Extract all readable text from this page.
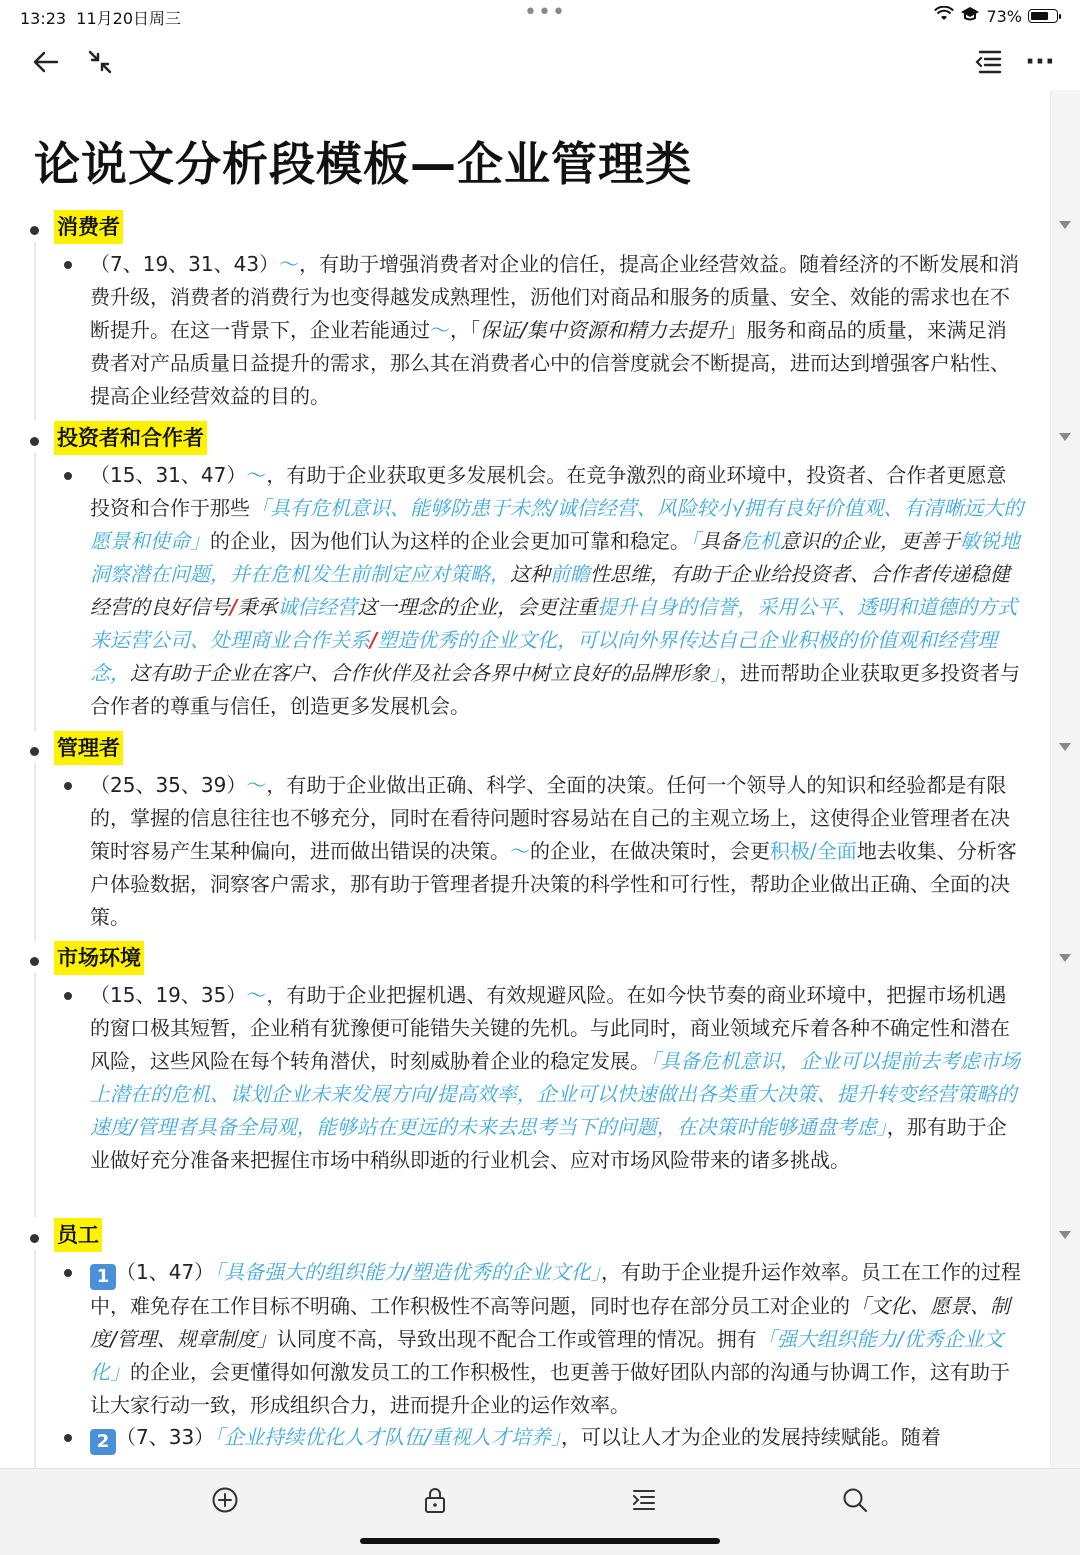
13:23 11月20日周三	•••	73%
···
论说文分析段模板—企业管理类
消费者
（7、19、31、43）～，有助于增强消费者对企业的信任，提高企业经营效益。随着经济的不断发展和消费升级，消费者的消费行为也变得越发成熟理性，沥他们对商品和服务的质量、安全、效能的需求也在不断提升。在这一背景下，企业若能通过～，「保证/集中资源和精力去提升」服务和商品的质量，来满足消费者对产品质量日益提升的需求，那么其在消费者心中的信誉度就会不断提高，进而达到增强客户粘性、提高企业经营效益的目的。
投资者和合作者
（15、31、47）～，有助于企业获取更多发展机会。在竞争激烈的商业环境中，投资者、合作者更愿意投资和合作于那些「具有危机意识、能够防患于未然/诚信经营、风险较小/拥有良好价值观、有清晰远大的愿景和使命」的企业，因为他们认为这样的企业会更加可靠和稳定。「具备危机意识的企业，更善于敏锐地洞察潜在问题，并在危机发生前制定应对策略，这种前瞻性思维，有助于企业给投资者、合作者传递稳健经营的良好信号/秉承诚信经营这一理念的企业，会更注重提升自身的信誉，采用公平、透明和道德的方式来运营公司、处理商业合作关系/塑造优秀的企业文化，可以向外界传达自己企业积极的价值观和经营理念，这有助于企业在客户、合作伙伴及社会各界中树立良好的品牌形象」，进而帮助企业获取更多投资者与合作者的尊重与信任，创造更多发展机会。
管理者
（25、35、39）～，有助于企业做出正确、科学、全面的决策。任何一个领导人的知识和经验都是有限的，掌握的信息往往也不够充分，同时在看待问题时容易站在自己的主观立场上，这使得企业管理者在决策时容易产生某种偏向，进而做出错误的决策。～的企业，在做决策时，会更积极/全面地去收集、分析客户体验数据，洞察客户需求，那有助于管理者提升决策的科学性和可行性，帮助企业做出正确、全面的决策。
市场环境
（15、19、35）～，有助于企业把握机遇、有效规避风险。在如今快节奏的商业环境中，把握市场机遇的窗口极其短暂，企业稍有犹豫便可能错失关键的先机。与此同时，商业领域充斥着各种不确定性和潜在风险，这些风险在每个转角潜伏，时刻威胁着企业的稳定发展。「具备危机意识，企业可以提前去考虑市场上潜在的危机、谋划企业未来发展方向/提高效率，企业可以快速做出各类重大决策、提升转变经营策略的速度/管理者具备全局观，能够站在更远的未来去思考当下的问题，在决策时能够通盘考虑」，那有助于企业做好充分准备来把握住市场中稍纵即逝的行业机会、应对市场风险带来的诸多挑战。
员工
1 （1、47）「具备强大的组织能力/塑造优秀的企业文化」，有助于企业提升运作效率。员工在工作的过程中，难免存在工作目标不明确、工作积极性不高等问题，同时也存在部分员工对企业的「文化、愿景、制度/管理、规章制度」认同度不高，导致出现不配合工作或管理的情况。拥有「强大组织能力/优秀企业文化」的企业，会更懂得如何激发员工的工作积极性，也更善于做好团队内部的沟通与协调工作，这有助于让大家行动一致，形成组织合力，进而提升企业的运作效率。
2 （7、33）「企业持续优化人才队伍/重视人才培养」，可以让人才为企业的发展持续赋能。随着
